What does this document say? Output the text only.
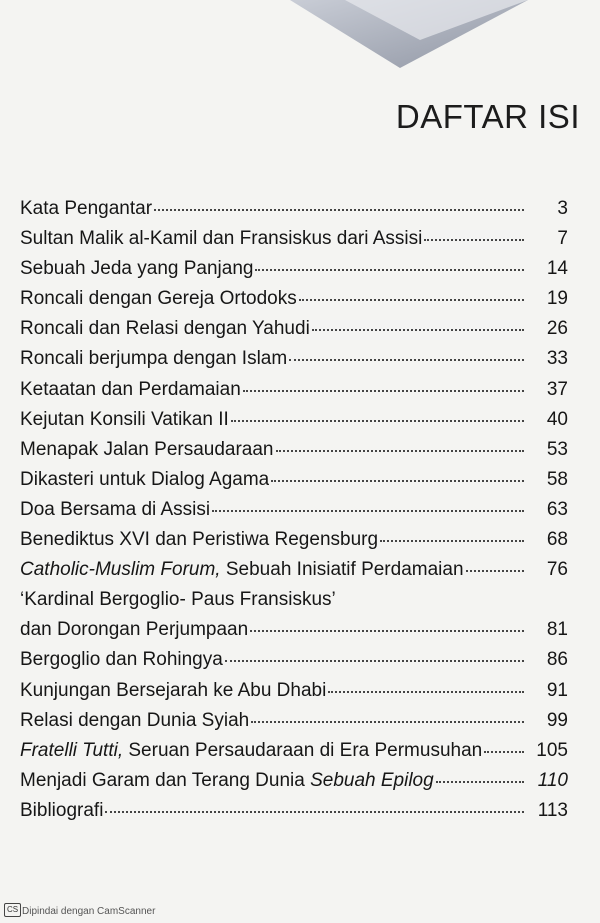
DAFTAR ISI
Kata Pengantar	3
Sultan Malik al-Kamil dan Fransiskus dari Assisi	7
Sebuah Jeda yang Panjang	14
Roncali dengan Gereja Ortodoks	19
Roncali dan Relasi dengan Yahudi	26
Roncali berjumpa dengan Islam	33
Ketaatan dan Perdamaian	37
Kejutan Konsili Vatikan II	40
Menapak Jalan Persaudaraan	53
Dikasteri untuk Dialog Agama	58
Doa Bersama di Assisi	63
Benediktus XVI dan Peristiwa Regensburg	68
Catholic-Muslim Forum, Sebuah Inisiatif Perdamaian	76
‘Kardinal Bergoglio- Paus Fransiskus’
dan Dorongan Perjumpaan	81
Bergoglio dan Rohingya	86
Kunjungan Bersejarah ke Abu Dhabi	91
Relasi dengan Dunia Syiah	99
Fratelli Tutti, Seruan Persaudaraan di Era Permusuhan	105
Menjadi Garam dan Terang Dunia Sebuah Epilog	110
Bibliografi	113
CS Dipindai dengan CamScanner
